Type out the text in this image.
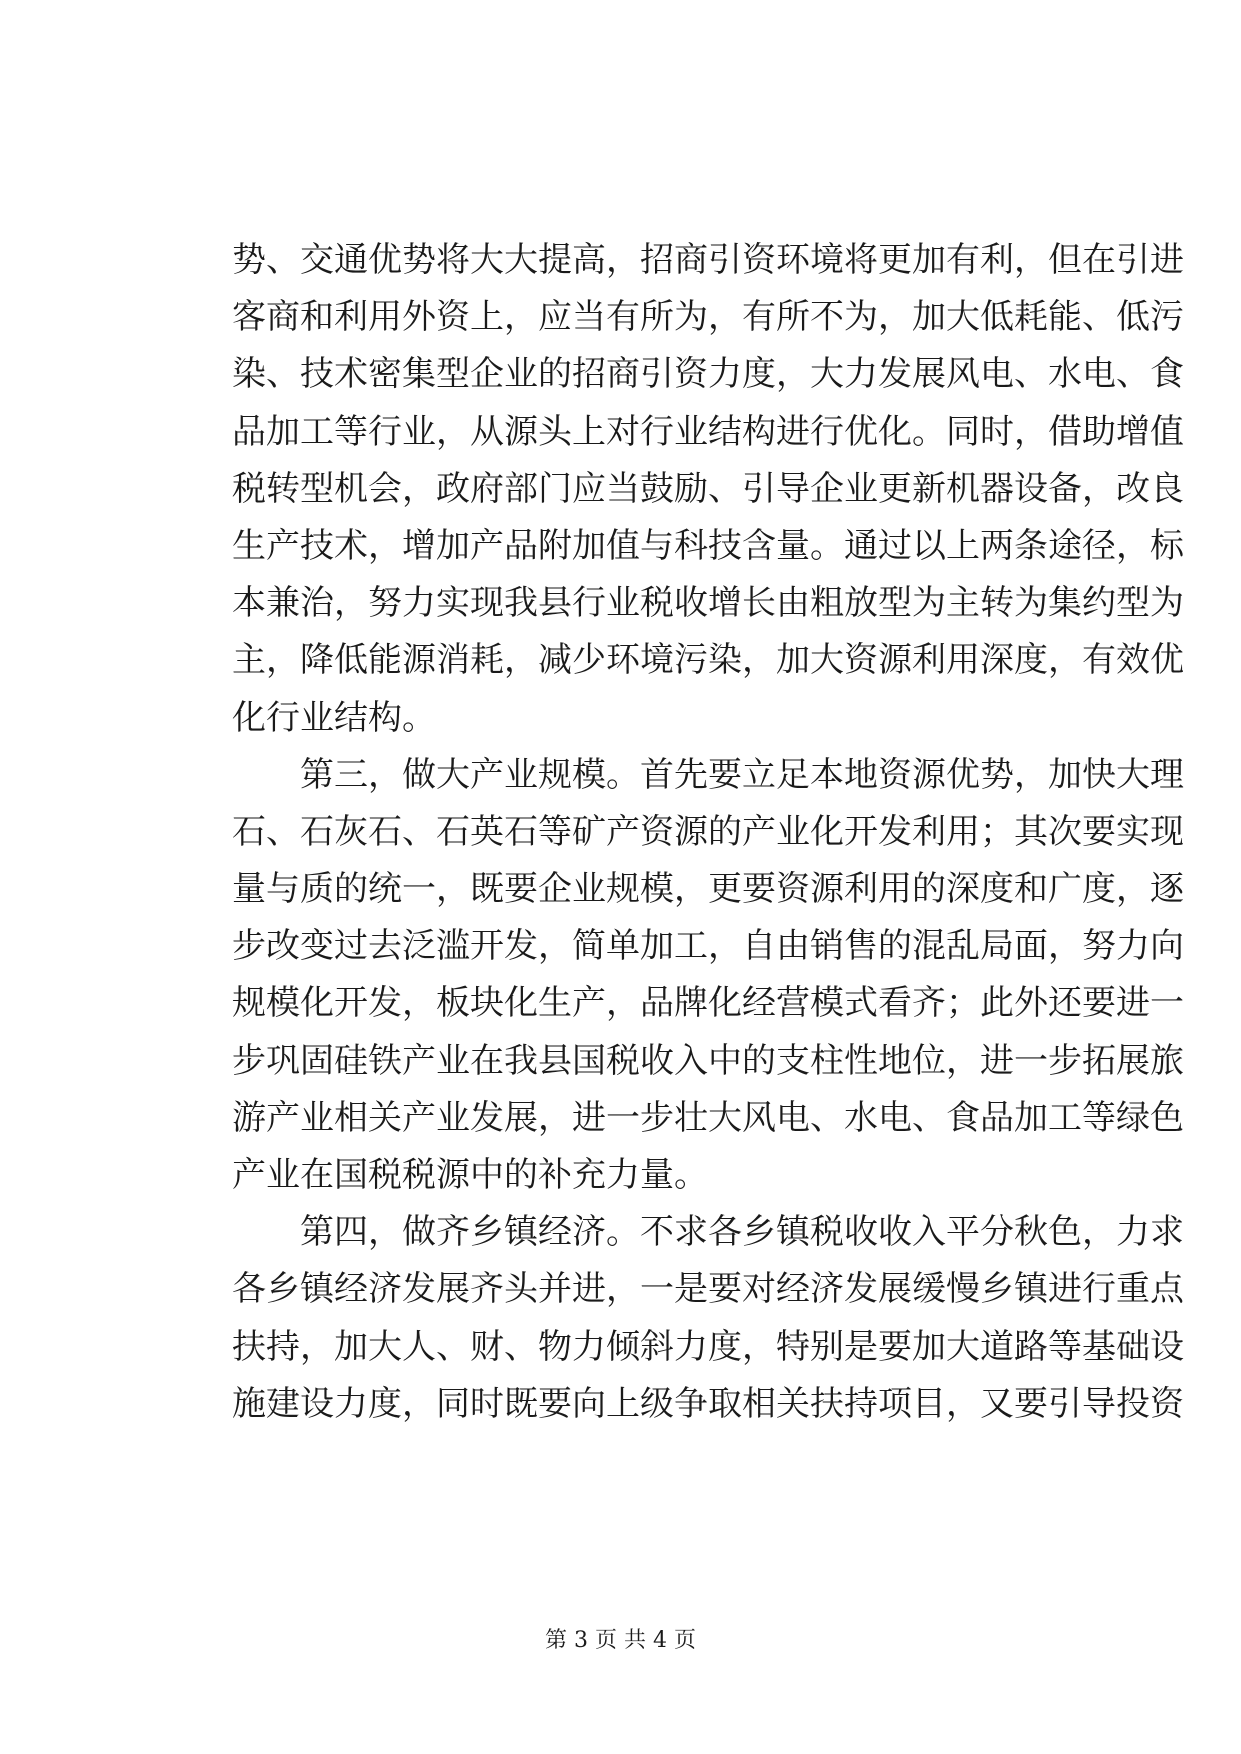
势、交通优势将大大提高，招商引资环境将更加有利，但在引进
客商和利用外资上，应当有所为，有所不为，加大低耗能、低污
染、技术密集型企业的招商引资力度，大力发展风电、水电、食
品加工等行业，从源头上对行业结构进行优化。同时，借助增值
税转型机会，政府部门应当鼓励、引导企业更新机器设备，改良
生产技术，增加产品附加值与科技含量。通过以上两条途径，标
本兼治，努力实现我县行业税收增长由粗放型为主转为集约型为
主，降低能源消耗，减少环境污染，加大资源利用深度，有效优
化行业结构。
第三，做大产业规模。首先要立足本地资源优势，加快大理
石、石灰石、石英石等矿产资源的产业化开发利用；其次要实现
量与质的统一，既要企业规模，更要资源利用的深度和广度，逐
步改变过去泛滥开发，简单加工，自由销售的混乱局面，努力向
规模化开发，板块化生产，品牌化经营模式看齐；此外还要进一
步巩固硅铁产业在我县国税收入中的支柱性地位，进一步拓展旅
游产业相关产业发展，进一步壮大风电、水电、食品加工等绿色
产业在国税税源中的补充力量。
第四，做齐乡镇经济。不求各乡镇税收收入平分秋色，力求
各乡镇经济发展齐头并进，一是要对经济发展缓慢乡镇进行重点
扶持，加大人、财、物力倾斜力度，特别是要加大道路等基础设
施建设力度，同时既要向上级争取相关扶持项目，又要引导投资
第 3 页 共 4 页
